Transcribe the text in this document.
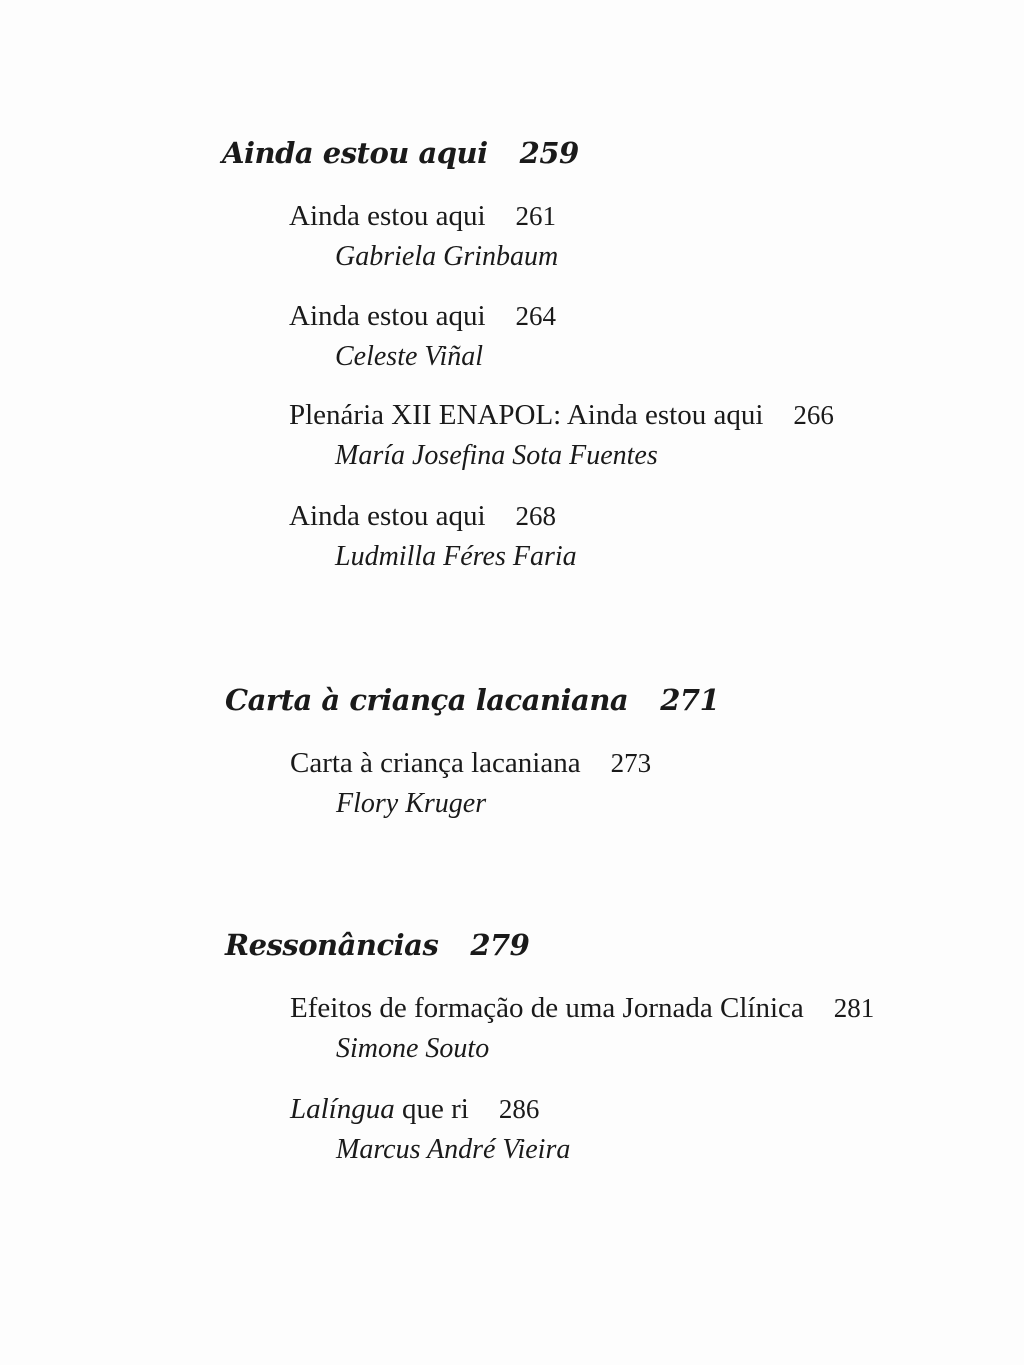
Ainda estou aqui 259
Ainda estou aqui 261
Gabriela Grinbaum
Ainda estou aqui 264
Celeste Viñal
Plenária XII ENAPOL: Ainda estou aqui 266
María Josefina Sota Fuentes
Ainda estou aqui 268
Ludmilla Féres Faria
Carta à criança lacaniana 271
Carta à criança lacaniana 273
Flory Kruger
Ressonâncias 279
Efeitos de formação de uma Jornada Clínica 281
Simone Souto
Lalíngua que ri 286
Marcus André Vieira
